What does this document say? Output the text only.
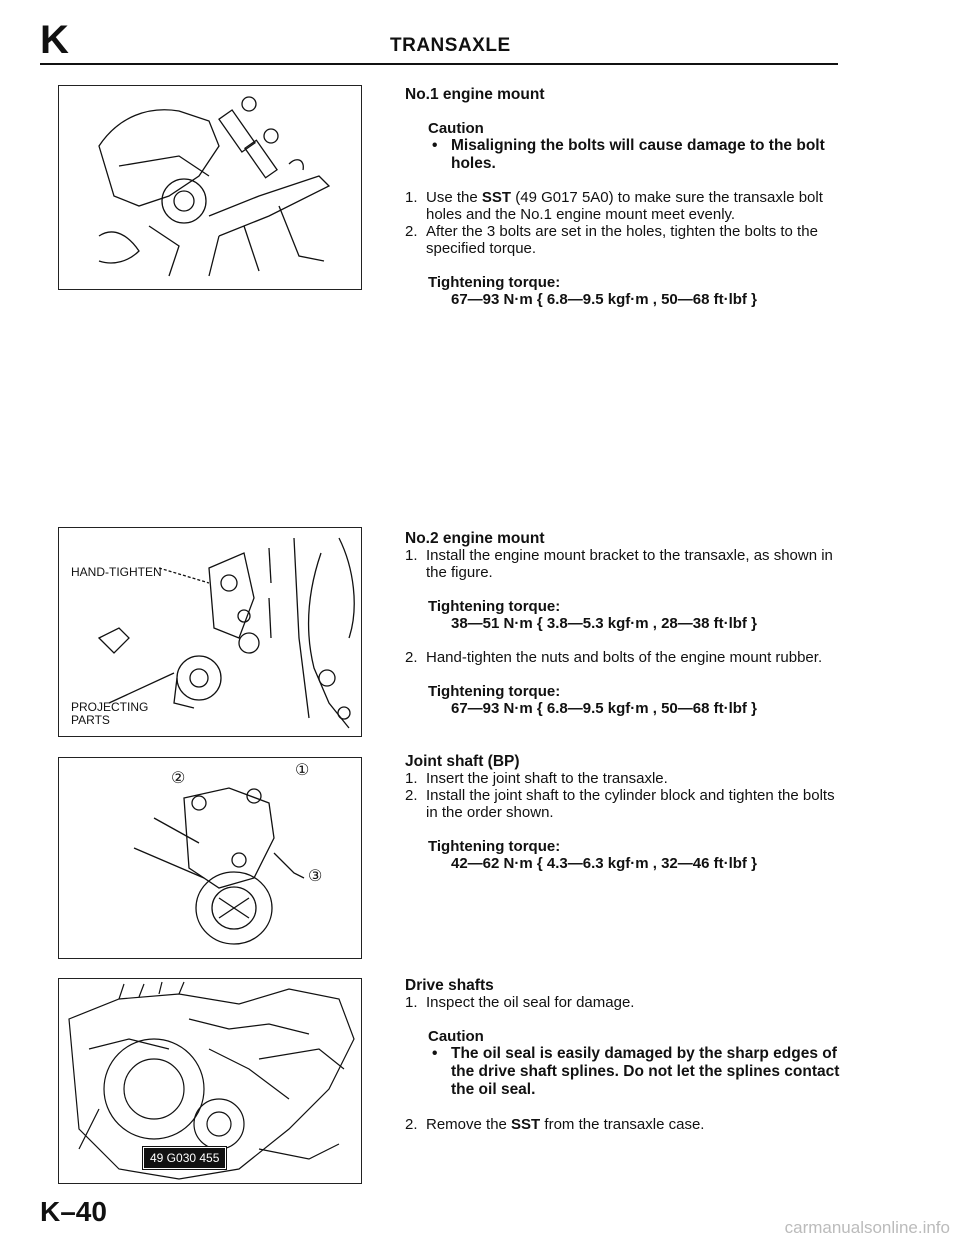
K	TRANSAXLE
HAND-TIGHTEN
PROJECTING
PARTS
②	①
③
49 G030 455
No.1 engine mount
Caution
• Misaligning the bolts will cause damage to the bolt holes.

1. Use the SST (49 G017 5A0) to make sure the transaxle bolt holes and the No.1 engine mount meet evenly.

2. After the 3 bolts are set in the holes, tighten the bolts to the specified torque.

Tightening torque:
67—93 N·m { 6.8—9.5 kgf·m , 50—68 ft·lbf }
No.2 engine mount

1. Install the engine mount bracket to the transaxle, as shown in the figure.

Tightening torque:
38—51 N·m { 3.8—5.3 kgf·m , 28—38 ft·lbf }

2. Hand-tighten the nuts and bolts of the engine mount rubber.

Tightening torque:
67—93 N·m { 6.8—9.5 kgf·m , 50—68 ft·lbf }
Joint shaft (BP)

1. Insert the joint shaft to the transaxle.

2. Install the joint shaft to the cylinder block and tighten the bolts in the order shown.

Tightening torque:
42—62 N·m { 4.3—6.3 kgf·m , 32—46 ft·lbf }
Drive shafts

1. Inspect the oil seal for damage.

Caution
• The oil seal is easily damaged by the sharp edges of the drive shaft splines. Do not let the splines contact the oil seal.

2. Remove the SST from the transaxle case.

K–40
carmanualsonline.info
